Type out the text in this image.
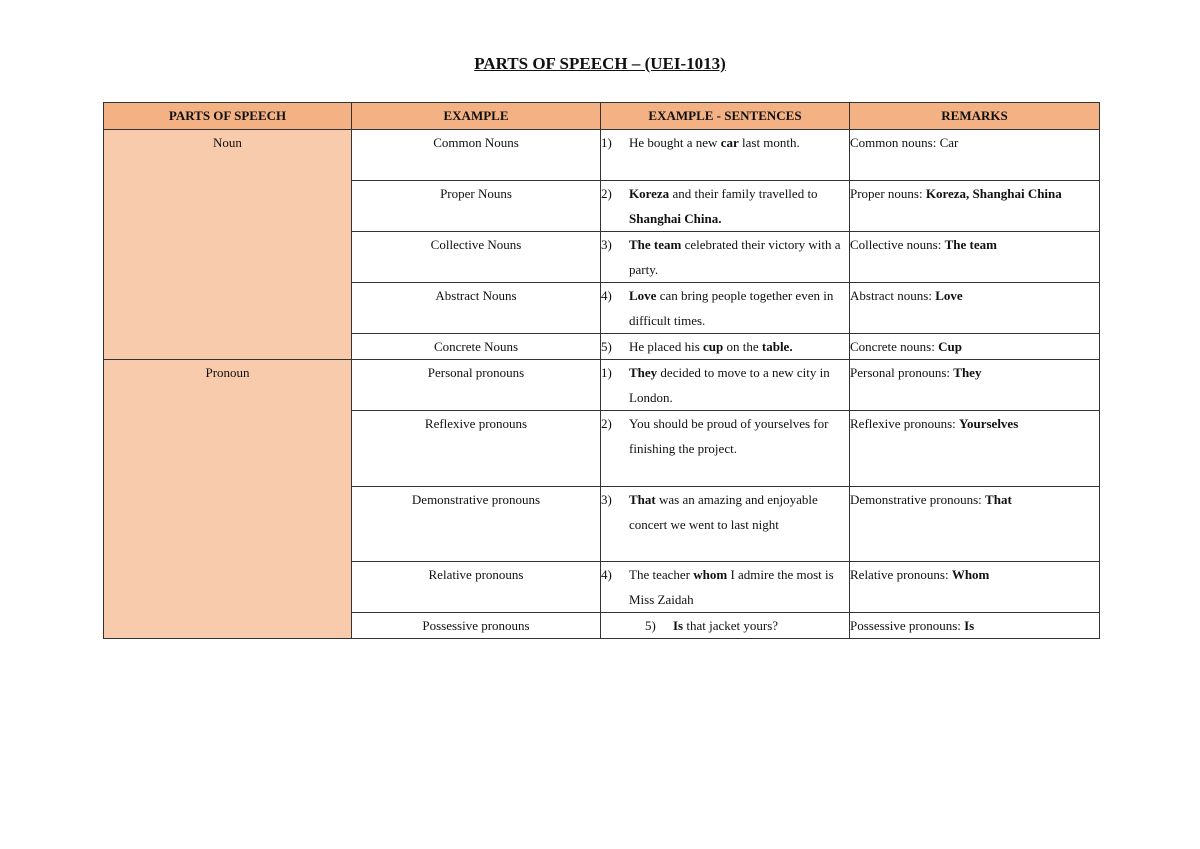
PARTS OF SPEECH – (UEI-1013)
PARTS OF SPEECH	EXAMPLE	EXAMPLE - SENTENCES	REMARKS
Noun	Common Nouns	1) He bought a new car last month.	Common nouns: Car
	Proper Nouns	2) Koreza and their family travelled to Shanghai China.	Proper nouns: Koreza, Shanghai China
	Collective Nouns	3) The team celebrated their victory with a party.	Collective nouns: The team
	Abstract Nouns	4) Love can bring people together even in difficult times.	Abstract nouns: Love
	Concrete Nouns	5) He placed his cup on the table.	Concrete nouns: Cup
Pronoun	Personal pronouns	1) They decided to move to a new city in London.	Personal pronouns: They
	Reflexive pronouns	2) You should be proud of yourselves for finishing the project.	Reflexive pronouns: Yourselves
	Demonstrative pronouns	3) That was an amazing and enjoyable concert we went to last night	Demonstrative pronouns: That
	Relative pronouns	4) The teacher whom I admire the most is Miss Zaidah	Relative pronouns: Whom
	Possessive pronouns	5) Is that jacket yours?	Possessive pronouns: Is
